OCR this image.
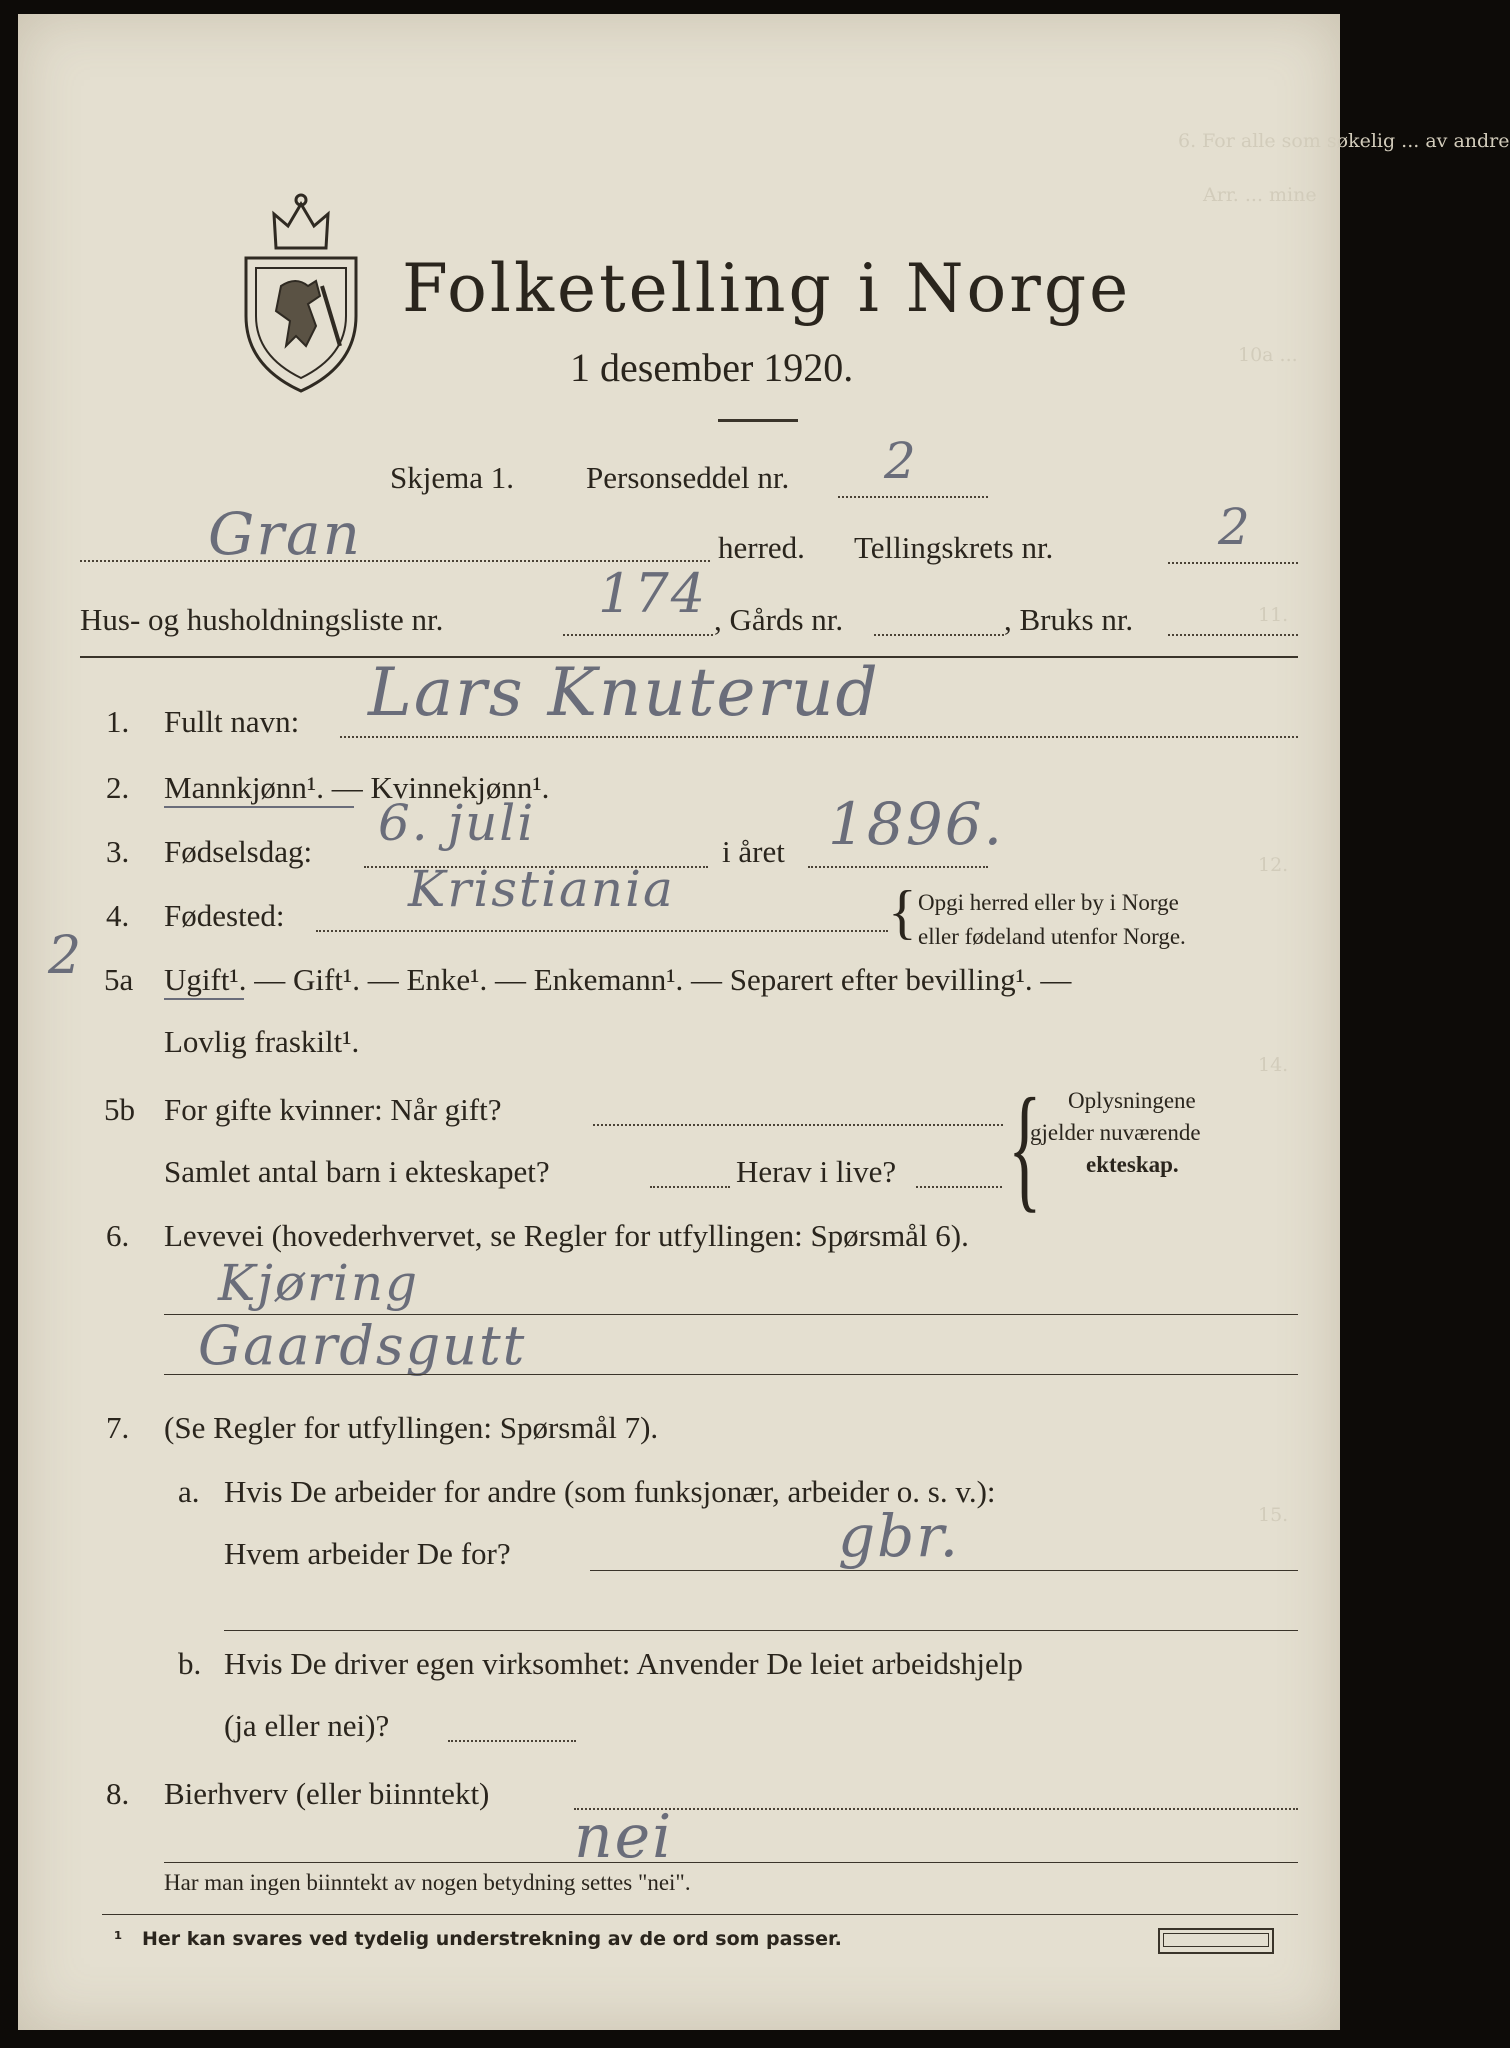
6. For alle som søkelig ... av andre
Arr. ... mine
10a ...
11.
12.
14.
15.
Folketelling i Norge
1 desember 1920.
Skjema 1. Personseddel nr. 2
Gran	herred. Tellingskrets nr.	2
Hus- og husholdningsliste nr.	174 , Gårds nr.	, Bruks nr.
1. Fullt navn: Lars Knuterud
2. Mannkjønn¹. — Kvinnekjønn¹.
3. Fødselsdag: 6. juli	i året 1896.
4. Fødested: Kristiania	{ Opgi herred eller by i Norge
eller fødeland utenfor Norge.
2 5a Ugift¹. — Gift¹. — Enke¹. — Enkemann¹. — Separert efter bevilling¹. —
Lovlig fraskilt¹.
5b For gifte kvinner: Når gift?
Samlet antal barn i ekteskapet?	Herav i live? { Oplysningene
gjelder nuværende
ekteskap.
6. Levevei (hovederhvervet, se Regler for utfyllingen: Spørsmål 6).
Kjøring
Gaardsgutt
7. (Se Regler for utfyllingen: Spørsmål 7).
a. Hvis De arbeider for andre (som funksjonær, arbeider o. s. v.):
Hvem arbeider De for?	gbr.
b. Hvis De driver egen virksomhet: Anvender De leiet arbeidshjelp
(ja eller nei)?
8. Bierhverv (eller biinntekt)
nei
Har man ingen biinntekt av nogen betydning settes "nei".
¹ Her kan svares ved tydelig understrekning av de ord som passer.
